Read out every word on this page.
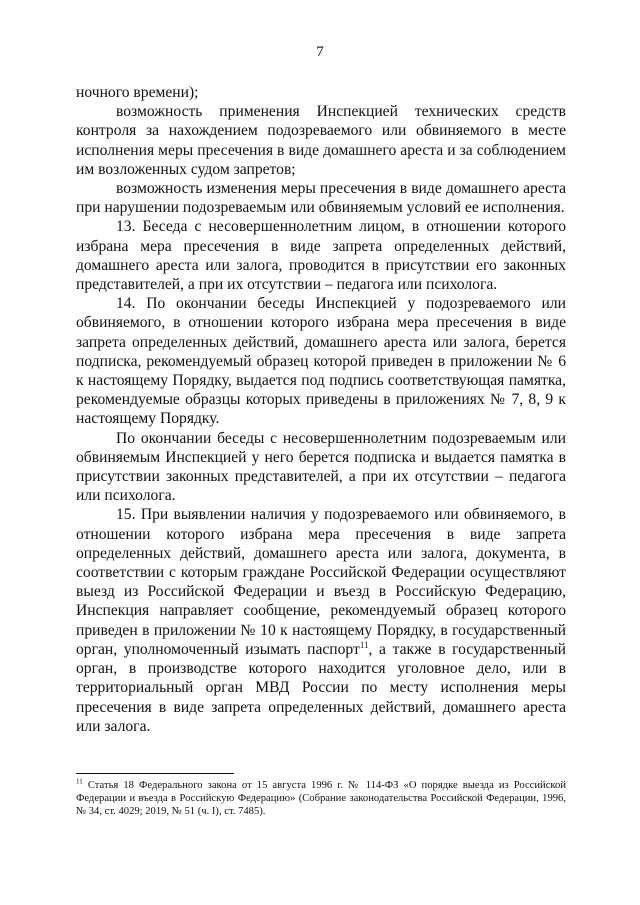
7

ночного времени);

возможность применения Инспекцией технических средств контроля за нахождением подозреваемого или обвиняемого в месте исполнения меры пресечения в виде домашнего ареста и за соблюдением им возложенных судом запретов;

возможность изменения меры пресечения в виде домашнего ареста при нарушении подозреваемым или обвиняемым условий ее исполнения.

13. Беседа с несовершеннолетним лицом, в отношении которого избрана мера пресечения в виде запрета определенных действий, домашнего ареста или залога, проводится в присутствии его законных представителей, а при их отсутствии – педагога или психолога.

14. По окончании беседы Инспекцией у подозреваемого или обвиняемого, в отношении которого избрана мера пресечения в виде запрета определенных действий, домашнего ареста или залога, берется подписка, рекомендуемый образец которой приведен в приложении № 6 к настоящему Порядку, выдается под подпись соответствующая памятка, рекомендуемые образцы которых приведены в приложениях № 7, 8, 9 к настоящему Порядку.

По окончании беседы с несовершеннолетним подозреваемым или обвиняемым Инспекцией у него берется подписка и выдается памятка в присутствии законных представителей, а при их отсутствии – педагога или психолога.

15. При выявлении наличия у подозреваемого или обвиняемого, в отношении которого избрана мера пресечения в виде запрета определенных действий, домашнего ареста или залога, документа, в соответствии с которым граждане Российской Федерации осуществляют выезд из Российской Федерации и въезд в Российскую Федерацию, Инспекция направляет сообщение, рекомендуемый образец которого приведен в приложении № 10 к настоящему Порядку, в государственный орган, уполномоченный изымать паспорт$^{11}$, а также в государственный орган, в производстве которого находится уголовное дело, или в территориальный орган МВД России по месту исполнения меры пресечения в виде запрета определенных действий, домашнего ареста или залога.

$^{11}$ Статья 18 Федерального закона от 15 августа 1996 г. № 114-ФЗ «О порядке выезда из Российской Федерации и въезда в Российскую Федерацию» (Собрание законодательства Российской Федерации, 1996, № 34, ст. 4029; 2019, № 51 (ч. I), ст. 7485).
